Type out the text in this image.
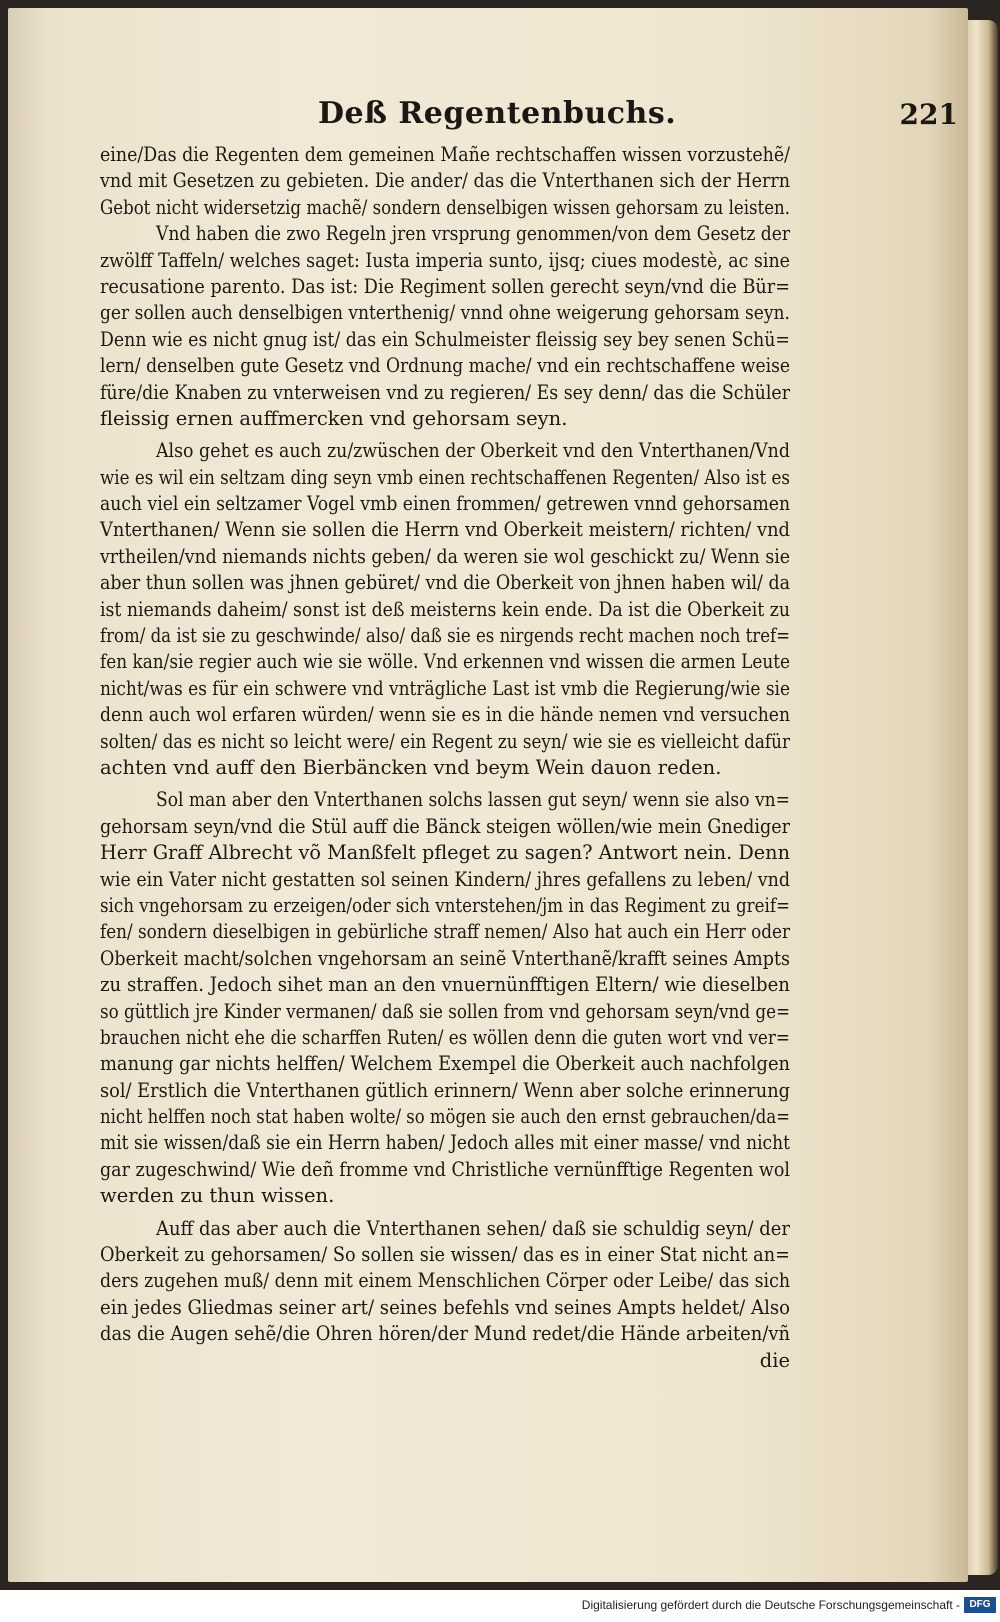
Deß Regentenbuchs.	221
eine/Das die Regenten dem gemeinen Mañe rechtschaffen wissen vorzustehẽ/
vnd mit Gesetzen zu gebieten. Die ander/ das die Vnterthanen sich der Herrn
Gebot nicht widersetzig machẽ/ sondern denselbigen wissen gehorsam zu leisten.
Vnd haben die zwo Regeln jren vrsprung genommen/von dem Gesetz der
zwölff Taffeln/ welches saget: Iusta imperia sunto, ijsq; ciues modestè, ac sine
recusatione parento. Das ist: Die Regiment sollen gerecht seyn/vnd die Bür=
ger sollen auch denselbigen vnterthenig/ vnnd ohne weigerung gehorsam seyn.
Denn wie es nicht gnug ist/ das ein Schulmeister fleissig sey bey senen Schü=
lern/ denselben gute Gesetz vnd Ordnung mache/ vnd ein rechtschaffene weise
füre/die Knaben zu vnterweisen vnd zu regieren/ Es sey denn/ das die Schüler
fleissig ernen auffmercken vnd gehorsam seyn.
Also gehet es auch zu/zwüschen der Oberkeit vnd den Vnterthanen/Vnd
wie es wil ein seltzam ding seyn vmb einen rechtschaffenen Regenten/ Also ist es
auch viel ein seltzamer Vogel vmb einen frommen/ getrewen vnnd gehorsamen
Vnterthanen/ Wenn sie sollen die Herrn vnd Oberkeit meistern/ richten/ vnd
vrtheilen/vnd niemands nichts geben/ da weren sie wol geschickt zu/ Wenn sie
aber thun sollen was jhnen gebüret/ vnd die Oberkeit von jhnen haben wil/ da
ist niemands daheim/ sonst ist deß meisterns kein ende. Da ist die Oberkeit zu
from/ da ist sie zu geschwinde/ also/ daß sie es nirgends recht machen noch tref=
fen kan/sie regier auch wie sie wölle. Vnd erkennen vnd wissen die armen Leute
nicht/was es für ein schwere vnd vnträgliche Last ist vmb die Regierung/wie sie
denn auch wol erfaren würden/ wenn sie es in die hände nemen vnd versuchen
solten/ das es nicht so leicht were/ ein Regent zu seyn/ wie sie es vielleicht dafür
achten vnd auff den Bierbäncken vnd beym Wein dauon reden.
Sol man aber den Vnterthanen solchs lassen gut seyn/ wenn sie also vn=
gehorsam seyn/vnd die Stül auff die Bänck steigen wöllen/wie mein Gnediger
Herr Graff Albrecht võ Manßfelt pfleget zu sagen? Antwort nein. Denn
wie ein Vater nicht gestatten sol seinen Kindern/ jhres gefallens zu leben/ vnd
sich vngehorsam zu erzeigen/oder sich vnterstehen/jm in das Regiment zu greif=
fen/ sondern dieselbigen in gebürliche straff nemen/ Also hat auch ein Herr oder
Oberkeit macht/solchen vngehorsam an seinẽ Vnterthanẽ/krafft seines Ampts
zu straffen. Jedoch sihet man an den vnuernünfftigen Eltern/ wie dieselben
so güttlich jre Kinder vermanen/ daß sie sollen from vnd gehorsam seyn/vnd ge=
brauchen nicht ehe die scharffen Ruten/ es wöllen denn die guten wort vnd ver=
manung gar nichts helffen/ Welchem Exempel die Oberkeit auch nachfolgen
sol/ Erstlich die Vnterthanen gütlich erinnern/ Wenn aber solche erinnerung
nicht helffen noch stat haben wolte/ so mögen sie auch den ernst gebrauchen/da=
mit sie wissen/daß sie ein Herrn haben/ Jedoch alles mit einer masse/ vnd nicht
gar zugeschwind/ Wie deñ fromme vnd Christliche vernünfftige Regenten wol
werden zu thun wissen.
Auff das aber auch die Vnterthanen sehen/ daß sie schuldig seyn/ der
Oberkeit zu gehorsamen/ So sollen sie wissen/ das es in einer Stat nicht an=
ders zugehen muß/ denn mit einem Menschlichen Cörper oder Leibe/ das sich
ein jedes Gliedmas seiner art/ seines befehls vnd seines Ampts heldet/ Also
das die Augen sehẽ/die Ohren hören/der Mund redet/die Hände arbeiten/vñ
die
Digitalisierung gefördert durch die Deutsche Forschungsgemeinschaft - DFG
